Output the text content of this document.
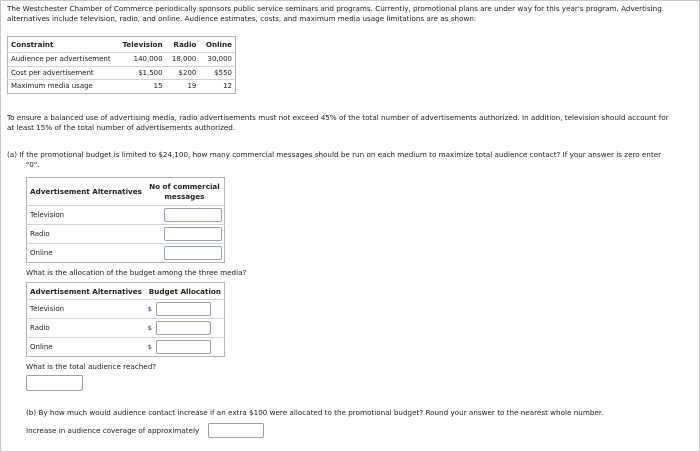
The Westchester Chamber of Commerce periodically sponsors public service seminars and programs. Currently, promotional plans are under way for this year's program. Advertising
alternatives include television, radio, and online. Audience estimates, costs, and maximum media usage limitations are as shown:
Constraint	Television	Radio	Online
Audience per advertisement	140,000	18,000	30,000
Cost per advertisement	$1,500	$200	$550
Maximum media usage	15	19	12
To ensure a balanced use of advertising media, radio advertisements must not exceed 45% of the total number of advertisements authorized. In addition, television should account for
at least 15% of the total number of advertisements authorized.
(a) If the promotional budget is limited to $24,100, how many commercial messages should be run on each medium to maximize total audience contact? If your answer is zero enter
"0".
Advertisement Alternatives	No of commercial
messages
Television	

Radio	

Online	
What is the allocation of the budget among the three media?
Advertisement Alternatives	Budget Allocation
Television	$
Radio	$
Online	$
What is the total audience reached?
(b) By how much would audience contact increase if an extra $100 were allocated to the promotional budget? Round your answer to the nearest whole number.
Increase in audience coverage of approximately
